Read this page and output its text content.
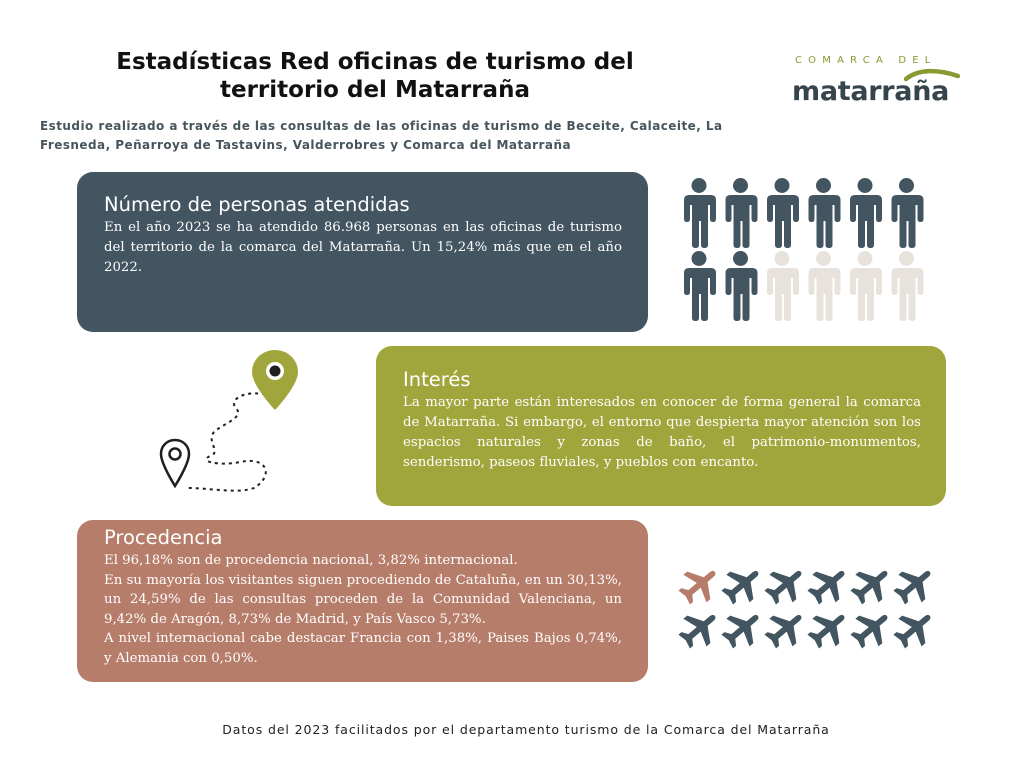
Estadísticas Red oficinas de turismo del territorio del Matarraña
Estudio realizado a través de las consultas de las oficinas de turismo de Beceite, Calaceite, La Fresneda, Peñarroya de Tastavins, Valderrobres y Comarca del Matarraña
COMARCA DEL
matarraña
Número de personas atendidas

En el año 2023 se ha atendido 86.968 personas en las oficinas de turismo del territorio de la comarca del Matarraña. Un 15,24% más que en el año 2022.

Interés

La mayor parte están interesados en conocer de forma general la comarca de Matarraña. Si embargo, el entorno que despierta mayor atención son los espacios naturales y zonas de baño, el patrimonio-monumentos, senderismo, paseos fluviales, y pueblos con encanto.

Procedencia

El 96,18% son de procedencia nacional, 3,82% internacional.

En su mayoría los visitantes siguen procediendo de Cataluña, en un 30,13%, un 24,59% de las consultas proceden de la Comunidad Valenciana, un 9,42% de Aragón, 8,73% de Madrid, y País Vasco 5,73%.

A nivel internacional cabe destacar Francia con 1,38%, Paises Bajos 0,74%, y Alemania con 0,50%.

Datos del 2023 facilitados por el departamento turismo de la Comarca del Matarraña
